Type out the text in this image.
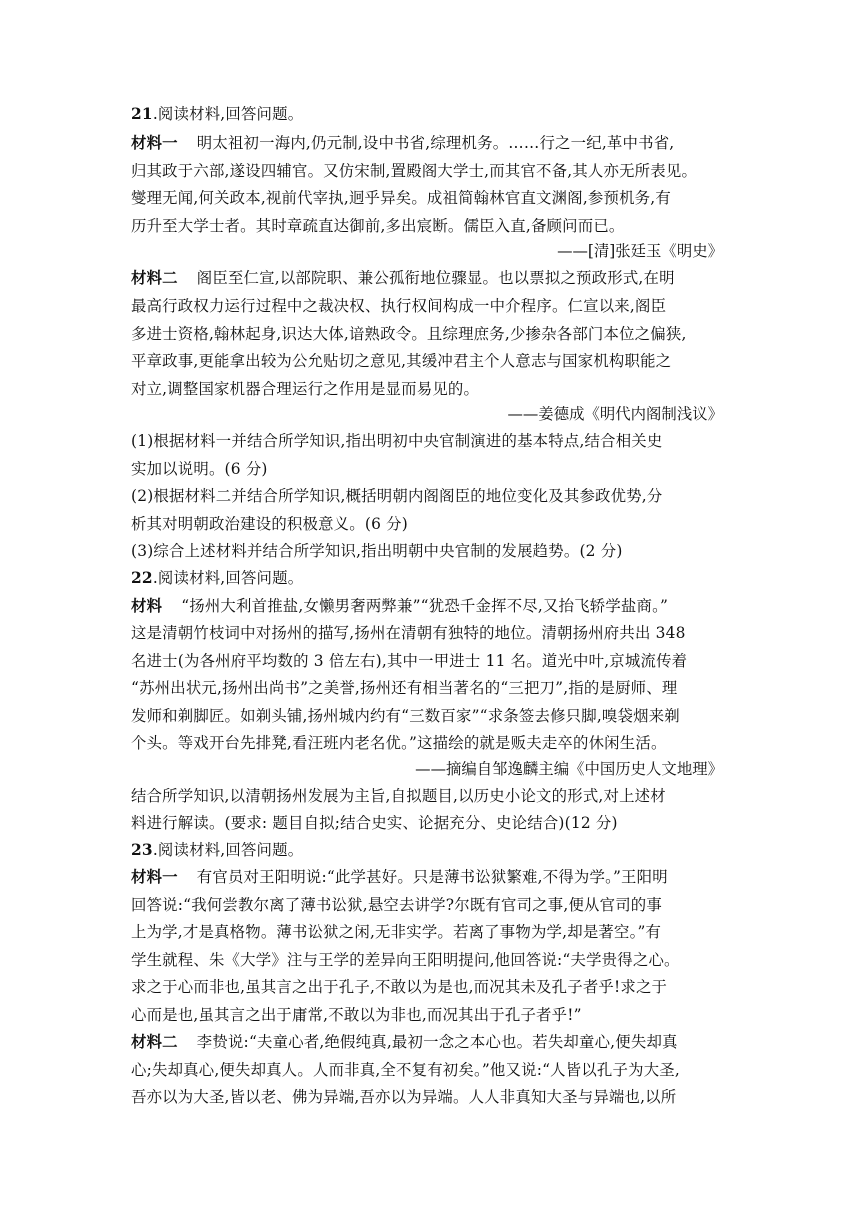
21.阅读材料,回答问题。
材料一 明太祖初一海内,仍元制,设中书省,综理机务。……行之一纪,革中书省,
归其政于六部,遂设四辅官。又仿宋制,置殿阁大学士,而其官不备,其人亦无所表见。
燮理无闻,何关政本,视前代宰执,迥乎异矣。成祖简翰林官直文渊阁,参预机务,有
历升至大学士者。其时章疏直达御前,多出宸断。儒臣入直,备顾问而已。
——[清]张廷玉《明史》
材料二 阁臣至仁宣,以部院职、兼公孤衔地位骤显。也以票拟之预政形式,在明
最高行政权力运行过程中之裁决权、执行权间构成一中介程序。仁宣以来,阁臣
多进士资格,翰林起身,识达大体,谙熟政令。且综理庶务,少掺杂各部门本位之偏狭,
平章政事,更能拿出较为公允贴切之意见,其缓冲君主个人意志与国家机构职能之
对立,调整国家机器合理运行之作用是显而易见的。
——姜德成《明代内阁制浅议》
(1)根据材料一并结合所学知识,指出明初中央官制演进的基本特点,结合相关史
实加以说明。(6 分)
(2)根据材料二并结合所学知识,概括明朝内阁阁臣的地位变化及其参政优势,分
析其对明朝政治建设的积极意义。(6 分)
(3)综合上述材料并结合所学知识,指出明朝中央官制的发展趋势。(2 分)
22.阅读材料,回答问题。
材料 “扬州大利首推盐,女懒男奢两弊兼”“犹恐千金挥不尽,又抬飞轿学盐商。”
这是清朝竹枝词中对扬州的描写,扬州在清朝有独特的地位。清朝扬州府共出 348
名进士(为各州府平均数的 3 倍左右),其中一甲进士 11 名。道光中叶,京城流传着
“苏州出状元,扬州出尚书”之美誉,扬州还有相当著名的“三把刀”,指的是厨师、理
发师和剃脚匠。如剃头铺,扬州城内约有“三数百家”“求条签去修只脚,嗅袋烟来剃
个头。等戏开台先排凳,看汪班内老名优。”这描绘的就是贩夫走卒的休闲生活。
——摘编自邹逸麟主编《中国历史人文地理》
结合所学知识,以清朝扬州发展为主旨,自拟题目,以历史小论文的形式,对上述材
料进行解读。(要求: 题目自拟;结合史实、论据充分、史论结合)(12 分)
23.阅读材料,回答问题。
材料一 有官员对王阳明说:“此学甚好。只是薄书讼狱繁难,不得为学。”王阳明
回答说:“我何尝教尔离了薄书讼狱,悬空去讲学?尔既有官司之事,便从官司的事
上为学,才是真格物。薄书讼狱之闲,无非实学。若离了事物为学,却是著空。”有
学生就程、朱《大学》注与王学的差异向王阳明提问,他回答说:“夫学贵得之心。
求之于心而非也,虽其言之出于孔子,不敢以为是也,而况其未及孔子者乎!求之于
心而是也,虽其言之出于庸常,不敢以为非也,而况其出于孔子者乎!”
材料二 李贽说:“夫童心者,绝假纯真,最初一念之本心也。若失却童心,便失却真
心;失却真心,便失却真人。人而非真,全不复有初矣。”他又说:“人皆以孔子为大圣,
吾亦以为大圣,皆以老、佛为异端,吾亦以为异端。人人非真知大圣与异端也,以所
